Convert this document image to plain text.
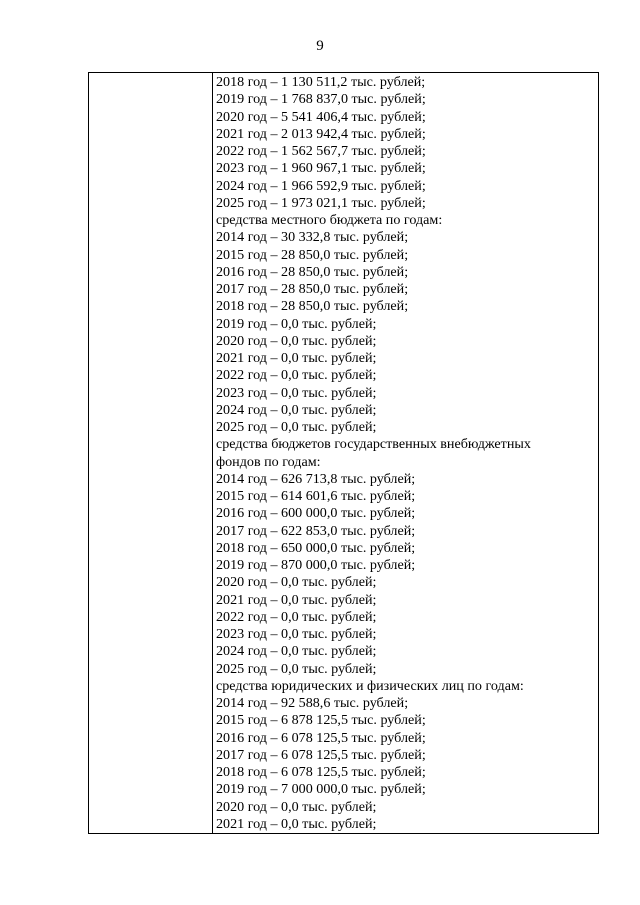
9
2018 год – 1 130 511,2 тыс. рублей;
2019 год – 1 768 837,0 тыс. рублей;
2020 год – 5 541 406,4 тыс. рублей;
2021 год – 2 013 942,4 тыс. рублей;
2022 год – 1 562 567,7 тыс. рублей;
2023 год – 1 960 967,1 тыс. рублей;
2024 год – 1 966 592,9 тыс. рублей;
2025 год – 1 973 021,1 тыс. рублей;
средства местного бюджета по годам:
2014 год – 30 332,8 тыс. рублей;
2015 год – 28 850,0 тыс. рублей;
2016 год – 28 850,0 тыс. рублей;
2017 год – 28 850,0 тыс. рублей;
2018 год – 28 850,0 тыс. рублей;
2019 год – 0,0 тыс. рублей;
2020 год – 0,0 тыс. рублей;
2021 год – 0,0 тыс. рублей;
2022 год – 0,0 тыс. рублей;
2023 год – 0,0 тыс. рублей;
2024 год – 0,0 тыс. рублей;
2025 год – 0,0 тыс. рублей;
средства бюджетов государственных внебюджетных
фондов по годам:
2014 год – 626 713,8 тыс. рублей;
2015 год – 614 601,6 тыс. рублей;
2016 год – 600 000,0 тыс. рублей;
2017 год – 622 853,0 тыс. рублей;
2018 год – 650 000,0 тыс. рублей;
2019 год – 870 000,0 тыс. рублей;
2020 год – 0,0 тыс. рублей;
2021 год – 0,0 тыс. рублей;
2022 год – 0,0 тыс. рублей;
2023 год – 0,0 тыс. рублей;
2024 год – 0,0 тыс. рублей;
2025 год – 0,0 тыс. рублей;
средства юридических и физических лиц по годам:
2014 год – 92 588,6 тыс. рублей;
2015 год – 6 878 125,5 тыс. рублей;
2016 год – 6 078 125,5 тыс. рублей;
2017 год – 6 078 125,5 тыс. рублей;
2018 год – 6 078 125,5 тыс. рублей;
2019 год – 7 000 000,0 тыс. рублей;
2020 год – 0,0 тыс. рублей;
2021 год – 0,0 тыс. рублей;
